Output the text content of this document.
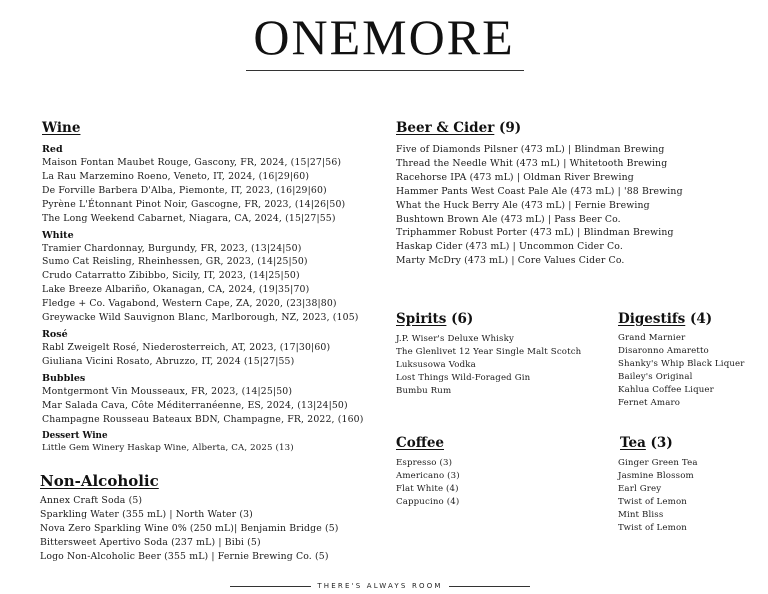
ONEMORE
Wine
Red
Maison Fontan Maubet Rouge, Gascony, FR, 2024, (15|27|56)
La Rau Marzemino Roeno, Veneto, IT, 2024, (16|29|60)
De Forville Barbera D'Alba, Piemonte, IT, 2023, (16|29|60)
Pyrène L'Étonnant Pinot Noir, Gascogne, FR, 2023, (14|26|50)
The Long Weekend Cabarnet, Niagara, CA, 2024, (15|27|55)
White
Tramier Chardonnay, Burgundy, FR, 2023, (13|24|50)
Sumo Cat Reisling, Rheinhessen, GR, 2023, (14|25|50)
Crudo Catarratto Zibibbo, Sicily, IT, 2023, (14|25|50)
Lake Breeze Albariño, Okanagan, CA, 2024, (19|35|70)
Fledge + Co. Vagabond, Western Cape, ZA, 2020, (23|38|80)
Greywacke Wild Sauvignon Blanc, Marlborough, NZ, 2023, (105)
Rosé
Rabl Zweigelt Rosé, Niederosterreich, AT, 2023, (17|30|60)
Giuliana Vicini Rosato, Abruzzo, IT, 2024 (15|27|55)
Bubbles
Montgermont Vin Mousseaux, FR, 2023, (14|25|50)
Mar Salada Cava, Côte Méditerranéenne, ES, 2024, (13|24|50)
Champagne Rousseau Bateaux BDN, Champagne, FR, 2022, (160)
Dessert Wine
Little Gem Winery Haskap Wine, Alberta, CA, 2025 (13)
Non-Alcoholic
Annex Craft Soda (5)
Sparkling Water (355 mL) | North Water (3)
Nova Zero Sparkling Wine 0% (250 mL)| Benjamin Bridge (5)
Bittersweet Apertivo Soda (237 mL) | Bibi (5)
Logo Non-Alcoholic Beer (355 mL) | Fernie Brewing Co. (5)
Beer & Cider (9)
Five of Diamonds Pilsner (473 mL) | Blindman Brewing
Thread the Needle Whit (473 mL) | Whitetooth Brewing
Racehorse IPA (473 mL) | Oldman River Brewing
Hammer Pants West Coast Pale Ale (473 mL) | '88 Brewing
What the Huck Berry Ale (473 mL) | Fernie Brewing
Bushtown Brown Ale (473 mL) | Pass Beer Co.
Triphammer Robust Porter (473 mL) | Blindman Brewing
Haskap Cider (473 mL) | Uncommon Cider Co.
Marty McDry (473 mL) | Core Values Cider Co.
Spirits (6)
J.P. Wiser's Deluxe Whisky
The Glenlivet 12 Year Single Malt Scotch
Luksusowa Vodka
Lost Things Wild-Foraged Gin
Bumbu Rum
Digestifs (4)
Grand Marnier
Disaronno Amaretto
Shanky's Whip Black Liquer
Bailey's Original
Kahlua Coffee Liquer
Fernet Amaro
Coffee
Espresso (3)
Americano (3)
Flat White (4)
Cappucino (4)
Tea (3)
Ginger Green Tea
Jasmine Blossom
Earl Grey
Twist of Lemon
Mint Bliss
Twist of Lemon
THERE'S ALWAYS ROOM
